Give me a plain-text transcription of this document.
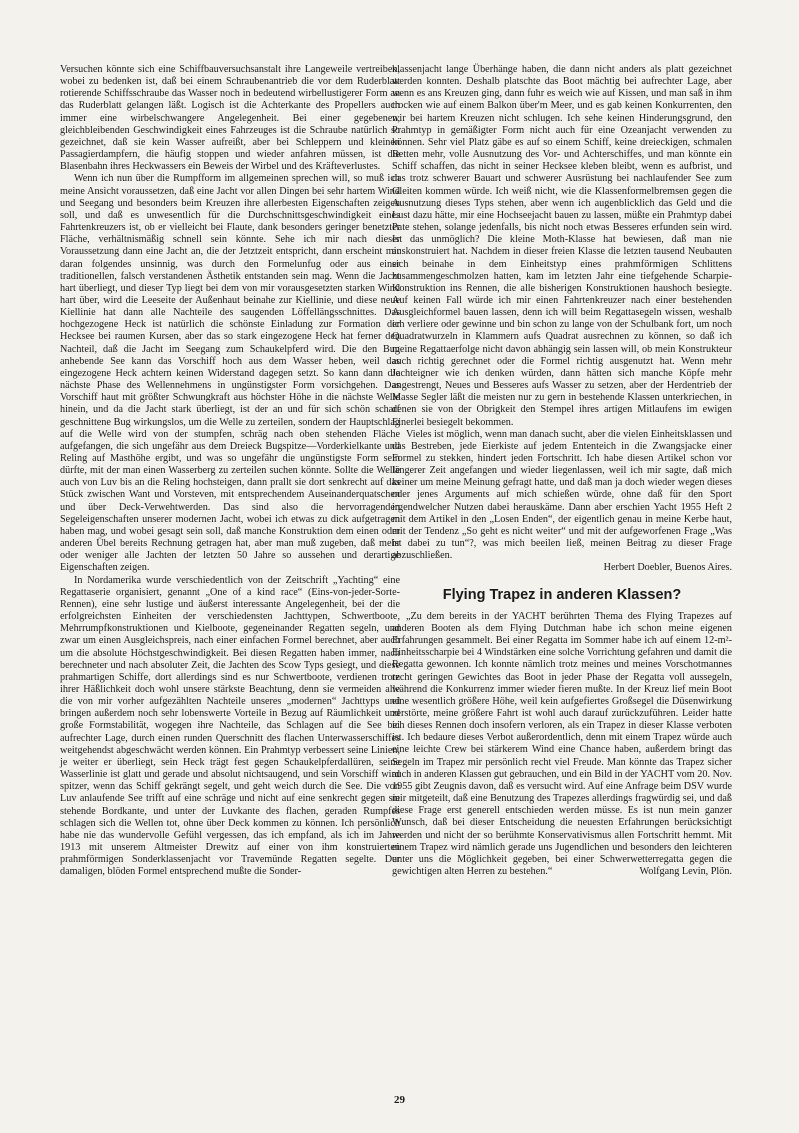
Versuchen könnte sich eine Schiffbauversuchsanstalt ihre Langeweile vertreiben, wobei zu bedenken ist, daß bei einem Schraubenantrieb die vor dem Ruderblatt rotierende Schiffsschraube das Wasser noch in bedeutend wirbellustigerer Form an das Ruderblatt gelangen läßt. Logisch ist die Achterkante des Propellers auch immer eine wirbelschwangere Angelegenheit. Bei einer gegebenen, gleichbleibenden Geschwindigkeit eines Fahrzeuges ist die Schraube natürlich so gezeichnet, daß sie kein Wasser aufreißt, aber bei Schleppern und kleinen Passagierdampfern, die häufig stoppen und wieder anfahren müssen, ist die Blasenbahn ihres Heckwassers ein Beweis der Wirbel und des Kräfteverlustes.

Wenn ich nun über die Rumpfform im allgemeinen sprechen will, so muß ich meine Ansicht voraussetzen, daß eine Jacht vor allen Dingen bei sehr hartem Wind und Seegang und besonders beim Kreuzen ihre allerbesten Eigenschaften zeigen soll, und daß es unwesentlich für die Durchschnittsgeschwindigkeit eines Fahrtenkreuzers ist, ob er vielleicht bei Flaute, dank besonders geringer benetzter Fläche, verhältnismäßig schnell sein könnte. Sehe ich mir nach dieser Voraussetzung dann eine Jacht an, die der Jetztzeit entspricht, dann erscheint mir daran folgendes unsinnig, was durch den Formelunfug oder aus einer traditionellen, falsch verstandenen Ästhetik entstanden sein mag. Wenn die Jacht hart überliegt, und dieser Typ liegt bei dem von mir vorausgesetzten starken Wind hart über, wird die Leeseite der Außenhaut beinahe zur Kiellinie, und diese neue Kiellinie hat dann alle Nachteile des saugenden Löffellängsschnittes. Das hochgezogene Heck ist natürlich die schönste Einladung zur Formation der Hecksee bei raumen Kursen, aber das so stark eingezogene Heck hat ferner den Nachteil, daß die Jacht im Seegang zum Schaukelpferd wird. Die den Bug anhebende See kann das Vorschiff hoch aus dem Wasser heben, weil das eingezogene Heck achtern keinen Widerstand dagegen setzt. So kann dann die nächste Phase des Wellennehmens in ungünstigster Form vorsichgehen. Das Vorschiff haut mit größter Schwungkraft aus höchster Höhe in die nächste Welle hinein, und da die Jacht stark überliegt, ist der an und für sich schön scharf geschnittene Bug wirkungslos, um die Welle zu zerteilen, sondern der Hauptschlag auf die Welle wird von der stumpfen, schräg nach oben stehenden Fläche aufgefangen, die sich ungefähr aus dem Dreieck Bugspitze—Vorderkielkante und Reling auf Masthöhe ergibt, und was so ungefähr die ungünstigste Form sein dürfte, mit der man einen Wasserberg zu zerteilen suchen könnte. Sollte die Welle auch von Luv bis an die Reling hochsteigen, dann prallt sie dort senkrecht auf das Stück zwischen Want und Vorsteven, mit entsprechendem Auseinanderquatschen und über Deck-Verwehtwerden. Das sind also die hervorragenden Segeleigenschaften unserer modernen Jacht, wobei ich etwas zu dick aufgetragen haben mag, und wobei gesagt sein soll, daß manche Konstruktion dem einen oder anderen Übel bereits Rechnung getragen hat, aber man muß zugeben, daß mehr oder weniger alle Jachten der letzten 50 Jahre so aussehen und derartige Eigenschaften zeigen.

In Nordamerika wurde verschiedentlich von der Zeitschrift „Yachting“ eine Regattaserie organisiert, genannt „One of a kind race“ (Eins-von-jeder-Sorte-Rennen), eine sehr lustige und äußerst interessante Angelegenheit, bei der die erfolgreichsten Einheiten der verschiedensten Jachttypen, Schwertboote, Mehrrumpfkonstruktionen und Kielboote, gegeneinander Regatten segeln, und zwar um einen Ausgleichspreis, nach einer einfachen Formel berechnet, aber auch um die absolute Höchstgeschwindigkeit. Bei diesen Regatten haben immer, nach berechneter und nach absoluter Zeit, die Jachten des Scow Typs gesiegt, und diese prahmartigen Schiffe, dort allerdings sind es nur Schwertboote, verdienen trotz ihrer Häßlichkeit doch wohl unsere stärkste Beachtung, denn sie vermeiden alle die von mir vorher aufgezählten Nachteile unseres „modernen“ Jachttyps und bringen außerdem noch sehr lobenswerte Vorteile in Bezug auf Räumlichkeit und große Formstabilität, wogegen ihre Nachteile, das Schlagen auf die See bei aufrechter Lage, durch einen runden Querschnitt des flachen Unterwasserschiffes weitgehendst abgeschwächt werden können. Ein Prahmtyp verbessert seine Linien, je weiter er überliegt, sein Heck trägt fest gegen Schaukelpferdallüren, seine Wasserlinie ist glatt und gerade und absolut nichtsaugend, und sein Vorschiff wird spitzer, wenn das Schiff gekrängt segelt, und geht weich durch die See. Die von Luv anlaufende See trifft auf eine schräge und nicht auf eine senkrecht gegen sie stehende Bordkante, und unter der Luvkante des flachen, geraden Rumpfes schlagen sich die Wellen tot, ohne über Deck kommen zu können. Ich persönlich habe nie das wundervolle Gefühl vergessen, das ich empfand, als ich im Jahre 1913 mit unserem Altmeister Drewitz auf einer von ihm konstruierten prahmförmigen Sonderklassenjacht vor Travemünde Regatten segelte. Der damaligen, blöden Formel entsprechend mußte die Sonder-

klassenjacht lange Überhänge haben, die dann nicht anders als platt gezeichnet werden konnten. Deshalb platschte das Boot mächtig bei aufrechter Lage, aber wenn es ans Kreuzen ging, dann fuhr es weich wie auf Kissen, und man saß in ihm trocken wie auf einem Balkon über'm Meer, und es gab keinen Konkurrenten, den wir bei hartem Kreuzen nicht schlugen. Ich sehe keinen Hinderungsgrund, den Prahmtyp in gemäßigter Form nicht auch für eine Ozeanjacht verwenden zu können. Sehr viel Platz gäbe es auf so einem Schiff, keine dreieckigen, schmalen Betten mehr, volle Ausnutzung des Vor- und Achterschiffes, und man könnte ein Schiff schaffen, das nicht in seiner Hecksee kleben bleibt, wenn es aufbrist, und das trotz schwerer Bauart und schwerer Ausrüstung bei nachlaufender See zum Gleiten kommen würde. Ich weiß nicht, wie die Klassenformelbremsen gegen die Ausnutzung dieses Typs stehen, aber wenn ich augenblicklich das Geld und die Lust dazu hätte, mir eine Hochseejacht bauen zu lassen, müßte ein Prahmtyp dabei Pate stehen, solange jedenfalls, bis nicht noch etwas Besseres erfunden sein wird. Ist das unmöglich? Die kleine Moth-Klasse hat bewiesen, daß man nie auskonstruiert hat. Nachdem in dieser freien Klasse die letzten tausend Neubauten sich beinahe in dem Einheitstyp eines prahmförmigen Schlittens zusammengeschmolzen hatten, kam im letzten Jahr eine tiefgehende Scharpie-Konstruktion ins Rennen, die alle bisherigen Konstruktionen haushoch besiegte. Auf keinen Fall würde ich mir einen Fahrtenkreuzer nach einer bestehenden Ausgleichformel bauen lassen, denn ich will beim Regattasegeln wissen, weshalb ich verliere oder gewinne und bin schon zu lange von der Schulbank fort, um noch Quadratwurzeln in Klammern aufs Quadrat ausrechnen zu können, so daß ich meine Regattaerfolge nicht davon abhängig sein lassen will, ob mein Konstrukteur auch richtig gerechnet oder die Formel richtig ausgenutzt hat. Wenn mehr Jachteigner wie ich denken würden, dann hätten sich manche Köpfe mehr angestrengt, Neues und Besseres aufs Wasser zu setzen, aber der Herdentrieb der Masse Segler läßt die meisten nur zu gern in bestehende Klassen unterkriechen, in denen sie von der Obrigkeit den Stempel ihres artigen Mitlaufens im ewigen Einerlei besiegelt bekommen.

Vieles ist möglich, wenn man danach sucht, aber die vielen Einheitsklassen und das Bestreben, jede Eierkiste auf jedem Ententeich in die Zwangsjacke einer Formel zu stekken, hindert jeden Fortschritt. Ich habe diesen Artikel schon vor längerer Zeit angefangen und wieder liegenlassen, weil ich mir sagte, daß mich keiner um meine Meinung gefragt hatte, und daß man ja doch wieder wegen dieses oder jenes Arguments auf mich schießen würde, ohne daß für den Sport irgendwelcher Nutzen dabei herauskäme. Dann aber erschien Yacht 1955 Heft 2 mit dem Artikel in den „Losen Enden“, der eigentlich genau in meine Kerbe haut, mit der Tendenz „So geht es nicht weiter“ und mit der aufgeworfenen Frage „Was ist dabei zu tun“?, was mich beeilen ließ, meinen Beitrag zu dieser Frage abzuschließen.

Herbert Doebler, Buenos Aires.

Flying Trapez in anderen Klassen?

„Zu dem bereits in der YACHT berührten Thema des Flying Trapezes auf anderen Booten als dem Flying Dutchman habe ich schon meine eigenen Erfahrungen gesammelt. Bei einer Regatta im Sommer habe ich auf einem 12-m²-Einheitsscharpie bei 4 Windstärken eine solche Vorrichtung gefahren und damit die Regatta gewonnen. Ich konnte nämlich trotz meines und meines Vorschotmannes recht geringen Gewichtes das Boot in jeder Phase der Regatta voll aussegeln, während die Konkurrenz immer wieder fieren mußte. In der Kreuz lief mein Boot eine wesentlich größere Höhe, weil kein aufgefiertes Großsegel die Düsenwirkung zerstörte, meine größere Fahrt ist wohl auch darauf zurückzuführen. Leider hatte ich dieses Rennen doch insofern verloren, als ein Trapez in dieser Klasse verboten ist. Ich bedaure dieses Verbot außerordentlich, denn mit einem Trapez würde auch eine leichte Crew bei stärkerem Wind eine Chance haben, außerdem bringt das Segeln im Trapez mir persönlich recht viel Freude. Man könnte das Trapez sicher auch in anderen Klassen gut gebrauchen, und ein Bild in der YACHT vom 20. Nov. 1955 gibt Zeugnis davon, daß es versucht wird. Auf eine Anfrage beim DSV wurde mir mitgeteilt, daß eine Benutzung des Trapezes allerdings fragwürdig sei, und daß diese Frage erst generell entschieden werden müsse. Es ist nun mein ganzer Wunsch, daß bei dieser Entscheidung die neuesten Erfahrungen berücksichtigt werden und nicht der so berühmte Konservativismus allen Fortschritt hemmt. Mit einem Trapez wird nämlich gerade uns Jugendlichen und besonders den leichteren unter uns die Möglichkeit gegeben, bei einer Schwerwetterregatta gegen die gewichtigen alten Herren zu bestehen.“	Wolfgang Levin, Plön.

29
